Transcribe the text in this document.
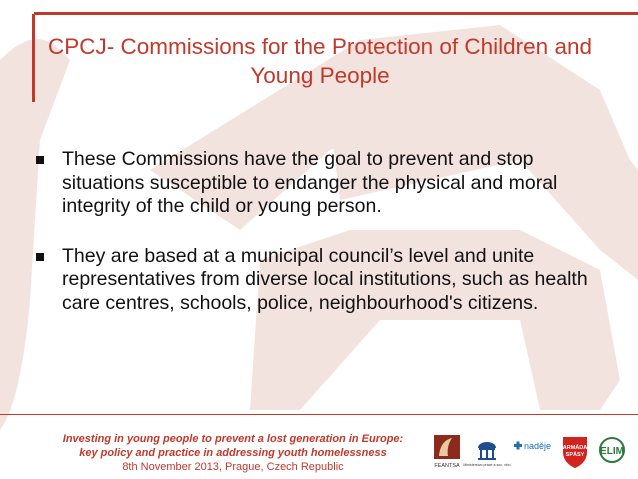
CPCJ- Commissions for the Protection of Children and Young People
These Commissions have the goal to prevent and stop situations susceptible to endanger the physical and moral integrity of the child or young person.
They are based at a municipal council’s level and unite representatives from diverse local institutions, such as health care centres, schools, police, neighbourhood's citizens.
Investing in young people to prevent a lost generation in Europe:
key policy and practice in addressing youth homelessness
8th November 2013, Prague, Czech Republic	FEANTSA Ministerstvo práce a soc. věcí
nadějе ARMÁDA
SPÁSY ELIM
